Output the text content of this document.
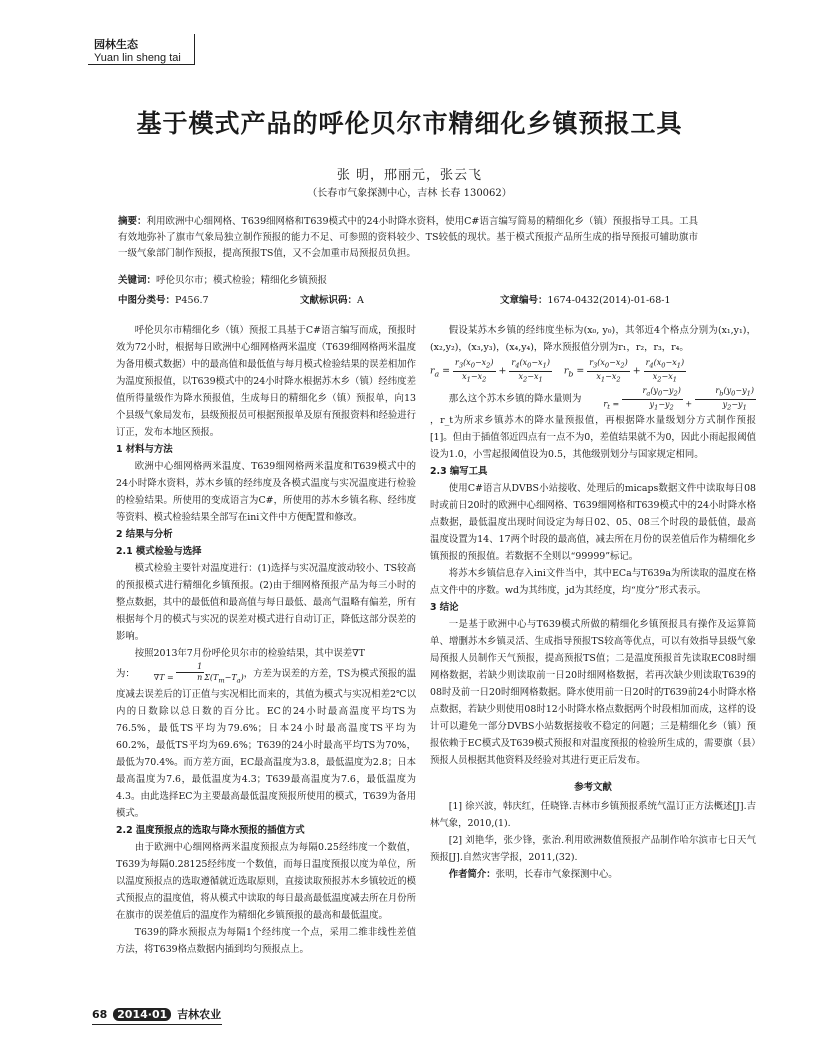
园林生态
Yuan lin sheng tai
基于模式产品的呼伦贝尔市精细化乡镇预报工具
张 明，邢丽元，张云飞
（长春市气象探测中心，吉林 长春 130062）
摘要：利用欧洲中心细网格、T639细网格和T639模式中的24小时降水资料，使用C#语言编写简易的精细化乡（镇）预报指导工具。工具有效地弥补了旗市气象局独立制作预报的能力不足、可参照的资料较少、TS较低的现状。基于模式预报产品所生成的指导预报可辅助旗市一级气象部门制作预报，提高预报TS值，又不会加重市局预报员负担。
关键词：呼伦贝尔市；模式检验；精细化乡镇预报
中图分类号：P456.7	文献标识码：A	文章编号：1674-0432(2014)-01-68-1

呼伦贝尔市精细化乡（镇）预报工具基于C#语言编写而成，预报时效为72小时，根据每日欧洲中心细网格两米温度（T639细网格两米温度为备用模式数据）中的最高值和最低值与每月模式检验结果的误差相加作为温度预报值，以T639模式中的24小时降水根据苏木乡（镇）经纬度差值所得量级作为降水预报值，生成每日的精细化乡（镇）预报单，向13个县级气象局发布，县级预报员可根据预报单及原有预报资料和经验进行订正，发布本地区预报。

1 材料与方法

欧洲中心细网格两米温度、T639细网格两米温度和T639模式中的24小时降水资料，苏木乡镇的经纬度及各模式温度与实况温度进行检验的检验结果。所使用的变成语言为C#，所使用的苏木乡镇名称、经纬度等资料、模式检验结果全部写在ini文件中方便配置和修改。

2 结果与分析

2.1 模式检验与选择

模式检验主要针对温度进行：(1)选择与实况温度波动较小、TS较高的预报模式进行精细化乡镇预报。(2)由于细网格预报产品为每三小时的整点数据，其中的最低值和最高值与每日最低、最高气温略有偏差，所有根据每个月的模式与实况的误差对模式进行自动订正，降低这部分误差的影响。

按照2013年7月份呼伦贝尔市的检验结果，其中误差∇T
为： $\nabla T = \frac{1}{n} \Sigma(T_m-T_a)$，方差为误差的方差，TS为模式预报的温度减去误差后的订正值与实况相比而来的，其值为模式与实况相差2℃以内的日数除以总日数的百分比。EC的24小时最高温度平均TS为76.5%，最低TS平均为79.6%；日本24小时最高温度TS平均为60.2%，最低TS平均为69.6%；T639的24小时最高平均TS为70%，最低为70.4%。而方差方面，EC最高温度为3.8，最低温度为2.8；日本最高温度为7.6，最低温度为4.3；T639最高温度为7.6，最低温度为4.3。由此选择EC为主要最高最低温度预报所使用的模式，T639为备用模式。

2.2 温度预报点的选取与降水预报的插值方式

由于欧洲中心细网格两米温度预报点为每隔0.25经纬度一个数值，T639为每隔0.28125经纬度一个数值，而每日温度预报以度为单位，所以温度预报点的选取遵循就近选取原则，直接读取预报苏木乡镇较近的模式预报点的温度值，将从模式中读取的每日最高最低温度减去所在月份所在旗市的误差值后的温度作为精细化乡镇预报的最高和最低温度。

T639的降水预报点为每隔1个经纬度一个点，采用二维非线性差值方法，将T639格点数据内插到均匀预报点上。

假设某苏木乡镇的经纬度坐标为(x₀, y₀)，其邻近4个格点分别为(x₁,y₁)，(x₂,y₂)，(x₃,y₃)，(x₄,y₄)，降水预报值分别为r₁，r₂，r₃，r₄。

$r_a = \frac{r_3(x_0-x_2)}{x_1-x_2} + \frac{r_4(x_0-x_1)}{x_2-x_1} r_b = \frac{r_3(x_0-x_2)}{x_1-x_2} + \frac{r_4(x_0-x_1)}{x_2-x_1}$

那么这个苏木乡镇的降水量则为	$r_t = \frac{r_a(y_0-y_2)}{y_1-y_2} + \frac{r_b(y_0-y_1)}{y_2-y_1}$
，r_t为所求乡镇苏木的降水量预报值，再根据降水量级划分方式制作预报[1]。但由于插值邻近四点有一点不为0，差值结果就不为0，因此小雨起报阈值设为1.0，小雪起报阈值设为0.5，其他级别划分与国家规定相同。

2.3 编写工具

使用C#语言从DVBS小站接收、处理后的micaps数据文件中读取每日08时或前日20时的欧洲中心细网格、T639细网格和T639模式中的24小时降水格点数据，最低温度出现时间设定为每日02、05、08三个时段的最低值，最高温度设置为14、17两个时段的最高值，减去所在月份的误差值后作为精细化乡镇预报的预报值。若数据不全则以“99999”标记。

将苏木乡镇信息存入ini文件当中，其中ECa与T639a为所读取的温度在格点文件中的序数。wd为其纬度，jd为其经度，均“度分”形式表示。

3 结论

一是基于欧洲中心与T639模式所做的精细化乡镇预报具有操作及运算简单、增删苏木乡镇灵活、生成指导预报TS较高等优点，可以有效指导县级气象局预报人员制作天气预报，提高预报TS值；二是温度预报首先读取EC08时细网格数据，若缺少则读取前一日20时细网格数据，若再次缺少则读取T639的08时及前一日20时细网格数据。降水使用前一日20时的T639前24小时降水格点数据，若缺少则使用08时12小时降水格点数据两个时段相加而成，这样的设计可以避免一部分DVBS小站数据接收不稳定的问题；三是精细化乡（镇）预报依赖于EC模式及T639模式预报和对温度预报的检验所生成的，需要旗（县）预报人员根据其他资料及经验对其进行更正后发布。

参考文献

[1] 徐兴波，韩庆红，任晓锋.吉林市乡镇预报系统气温订正方法概述[J].吉林气象，2010,(1).

[2] 刘艳华，张少锋，张治.利用欧洲数值预报产品制作哈尔滨市七日天气预报[J].自然灾害学报，2011,(32).

作者简介：张明，长春市气象探测中心。

68 2014·01 吉林农业
